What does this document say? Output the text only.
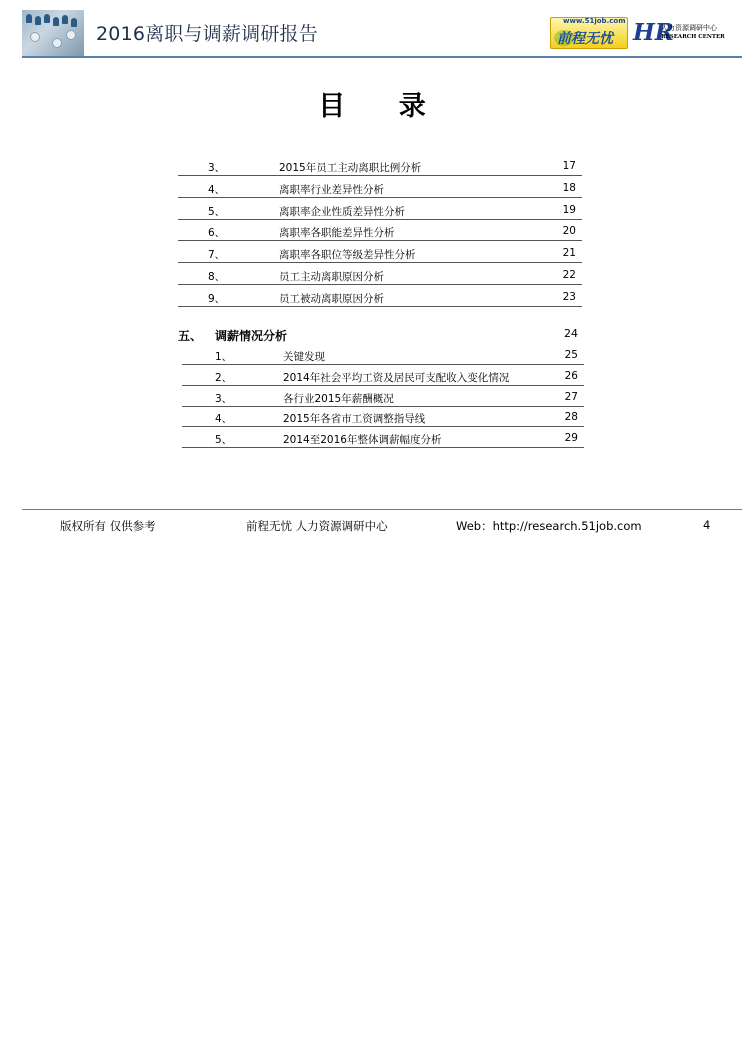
2016离职与调薪调研报告
www.51job.com
前程无忧 HR
人力资源调研中心
RESEARCH CENTER
目 录
3、	2015年员工主动离职比例分析	17
4、	离职率行业差异性分析	18
5、	离职率企业性质差异性分析	19
6、	离职率各职能差异性分析	20
7、	离职率各职位等级差异性分析	21
8、	员工主动离职原因分析	22
9、	员工被动离职原因分析	23
五、 调薪情况分析	24
1、	关键发现	25
2、	2014年社会平均工资及居民可支配收入变化情况	26
3、	各行业2015年薪酬概况	27
4、	2015年各省市工资调整指导线	28
5、	2014至2016年整体调薪幅度分析	29
版权所有 仅供参考	前程无忧 人力资源调研中心	Web：http://research.51job.com	4
